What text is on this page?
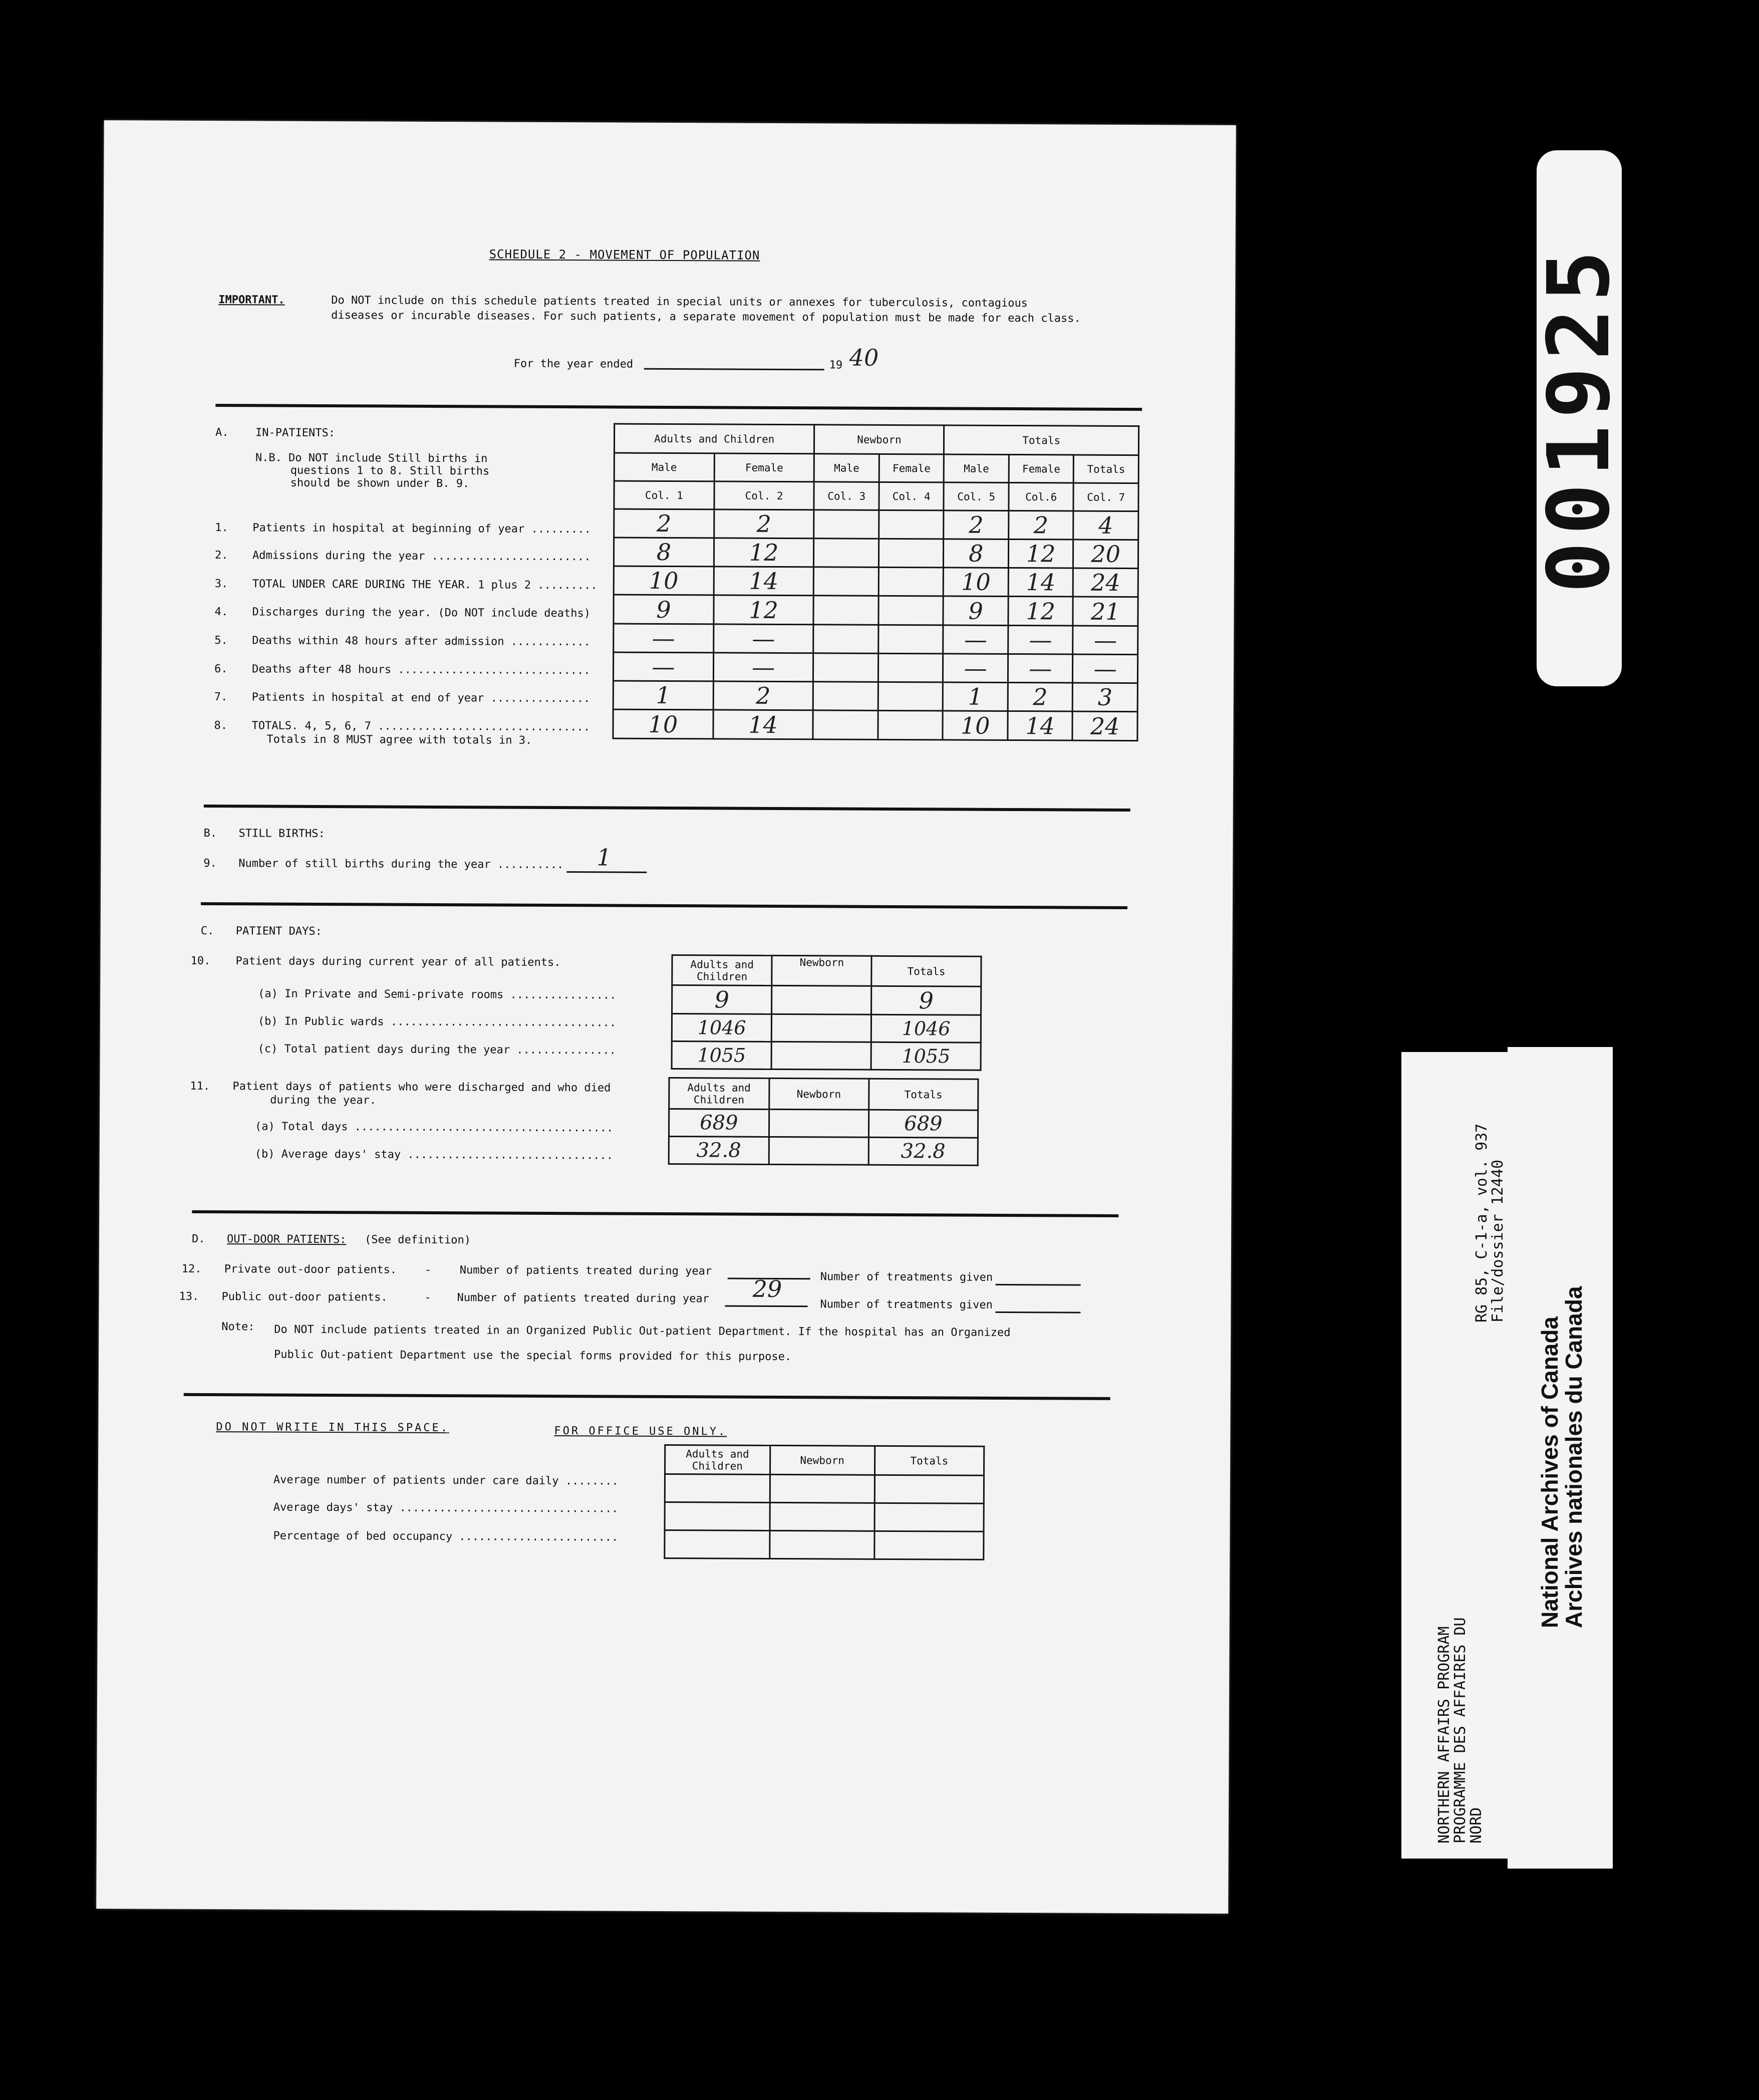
SCHEDULE 2 - MOVEMENT OF POPULATION
IMPORTANT.	Do NOT include on this schedule patients treated in special units or annexes for tuberculosis, contagious
diseases or incurable diseases. For such patients, a separate movement of population must be made for each class.
For the year ended	19 40
A. IN-PATIENTS:
N.B. Do NOT include Still births in
questions 1 to 8. Still births
should be shown under B. 9.
1. Patients in hospital at beginning of year .........
2. Admissions during the year ........................
3. TOTAL UNDER CARE DURING THE YEAR. 1 plus 2 .........
4. Discharges during the year. (Do NOT include deaths)
5. Deaths within 48 hours after admission ............
6. Deaths after 48 hours .............................
7. Patients in hospital at end of year ...............
8. TOTALS. 4, 5, 6, 7 ................................
Totals in 8 MUST agree with totals in 3.
Adults and Children		Newborn		Totals		
Male	Female	Male	Female	Male	Female	Totals
Col. 1	Col. 2	Col. 3	Col. 4	Col. 5	Col.6	Col. 7
2	2			2	2	4
8	12			8	12	20
10	14			10	14	24
9	12			9	12	21
—	—			—	—	—
—	—			—	—	—
1	2			1	2	3
10	14			10	14	24
B. STILL BIRTHS:
9. Number of still births during the year .......... 1
C. PATIENT DAYS:
10. Patient days during current year of all patients.
(a) In Private and Semi-private rooms ................
(b) In Public wards ..................................
(c) Total patient days during the year ...............
Adults and Children	Newborn	Totals
9		9
1046		1046
1055		1055
11. Patient days of patients who were discharged and who died
during the year.
(a) Total days .......................................
(b) Average days' stay ...............................
Adults and Children	Newborn	Totals
689		689
32.8		32.8
D. OUT-DOOR PATIENTS: (See definition)
12. Private out-door patients.	-	Number of patients treated during year	Number of treatments given
13. Public out-door patients.	- Number of patients treated during year 29
Number of treatments given
Note: Do NOT include patients treated in an Organized Public Out-patient Department. If the hospital has an Organized
Public Out-patient Department use the special forms provided for this purpose.
DO NOT WRITE IN THIS SPACE.	FOR OFFICE USE ONLY.
Average number of patients under care daily ........
Average days' stay .................................
Percentage of bed occupancy ........................
Adults and Children	Newborn	Totals

001925
NORTHERN AFFAIRS PROGRAM
PROGRAMME DES AFFAIRES DU
NORD
RG 85, C-1-a, vol. 937
File/dossier 12440
National Archives of Canada
Archives nationales du Canada
